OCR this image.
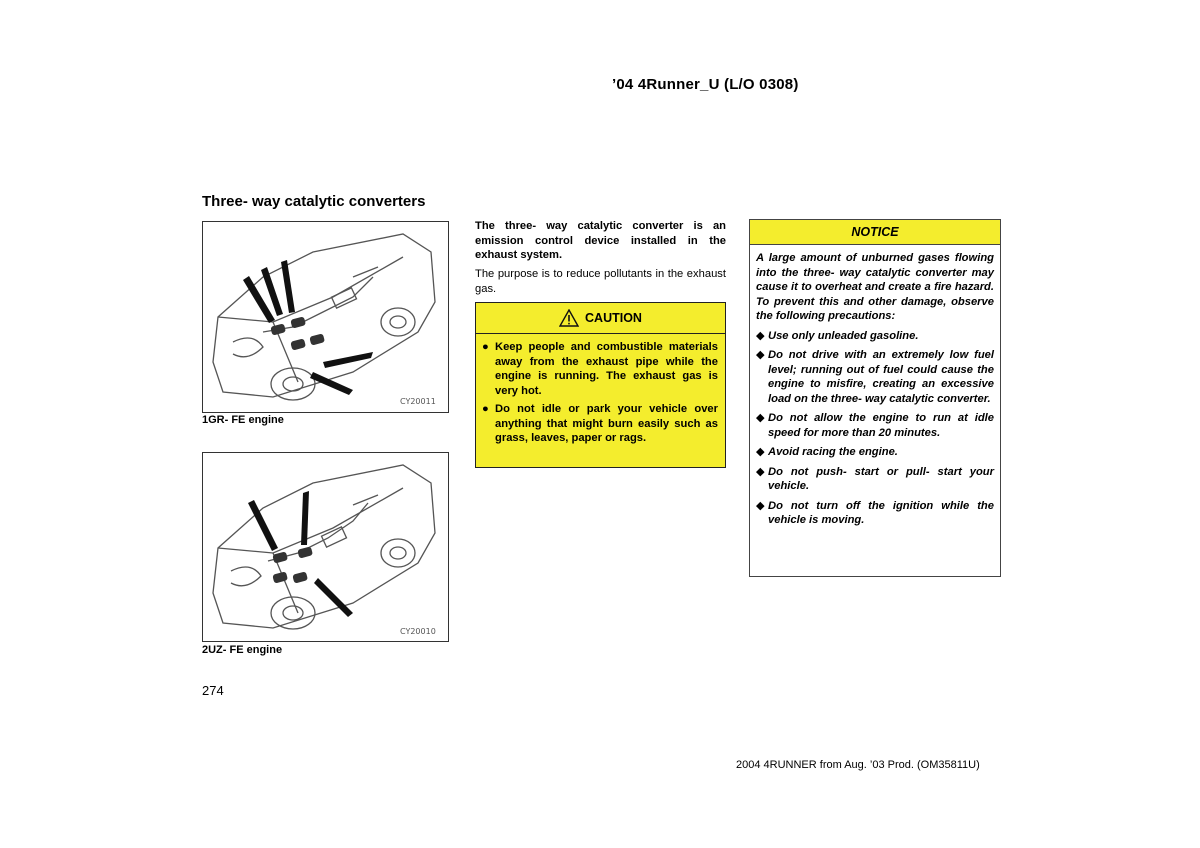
’04 4Runner_U (L/O 0308)
Three- way catalytic converters
CY20011
1GR- FE engine
CY20010
2UZ- FE engine
The three- way catalytic converter is an emission control device installed in the exhaust system.
The purpose is to reduce pollutants in the exhaust gas.
CAUTION
● Keep people and combustible materials away from the exhaust pipe while the engine is running. The exhaust gas is very hot.
● Do not idle or park your vehicle over anything that might burn easily such as grass, leaves, paper or rags.
NOTICE
A large amount of unburned gases flowing into the three- way catalytic converter may cause it to overheat and create a fire hazard. To prevent this and other damage, observe the following precautions:
◆ Use only unleaded gasoline.
◆ Do not drive with an extremely low fuel level; running out of fuel could cause the engine to misfire, creating an excessive load on the three- way catalytic converter.
◆ Do not allow the engine to run at idle speed for more than 20 minutes.
◆ Avoid racing the engine.
◆ Do not push- start or pull- start your vehicle.
◆ Do not turn off the ignition while the vehicle is moving.
274
2004 4RUNNER from Aug. ’03 Prod. (OM35811U)
